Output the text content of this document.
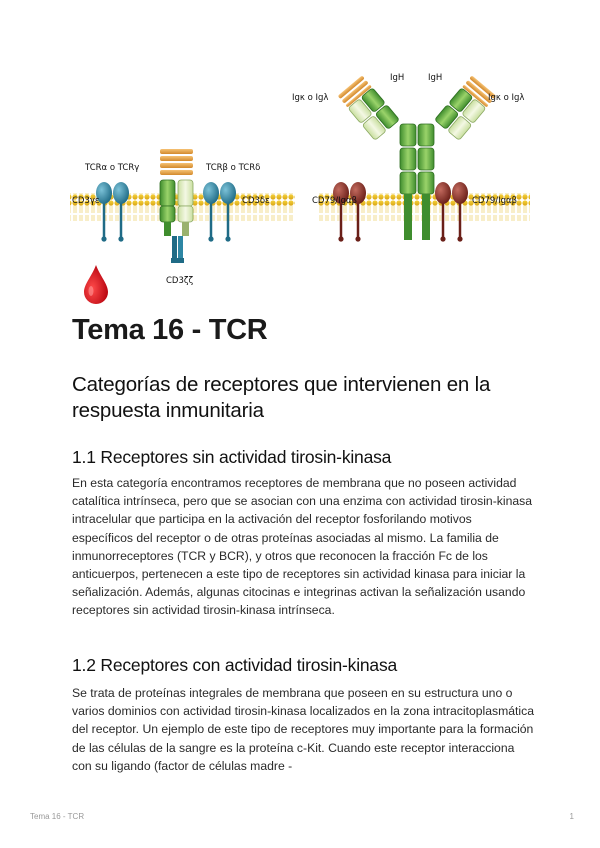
TCRα o TCRγ	TCRβ o TCRδ
CD3γε	CD3δε
CD3ζζ
IgH	IgH
Igκ o Igλ	Igκ o Igλ
CD79/Igαβ	CD79/Igαβ
Tema 16 - TCR
Categorías de receptores que intervienen en la respuesta inmunitaria
1.1 Receptores sin actividad tirosin-kinasa

En esta categoría encontramos receptores de membrana que no poseen actividad catalítica intrínseca, pero que se asocian con una enzima con actividad tirosin-kinasa intracelular que participa en la activación del receptor fosforilando motivos específicos del receptor o de otras proteínas asociadas al mismo. La familia de inmunorreceptores (TCR y BCR), y otros que reconocen la fracción Fc de los anticuerpos, pertenecen a este tipo de receptores sin actividad kinasa para iniciar la señalización. Además, algunas citocinas e integrinas activan la señalización usando receptores sin actividad tirosin-kinasa intrínseca.

1.2 Receptores con actividad tirosin-kinasa

Se trata de proteínas integrales de membrana que poseen en su estructura uno o varios dominios con actividad tirosin-kinasa localizados en la zona intracitoplasmática del receptor. Un ejemplo de este tipo de receptores muy importante para la formación de las células de la sangre es la proteína c-Kit. Cuando este receptor interacciona con su ligando (factor de células madre -

Tema 16 - TCR	1
